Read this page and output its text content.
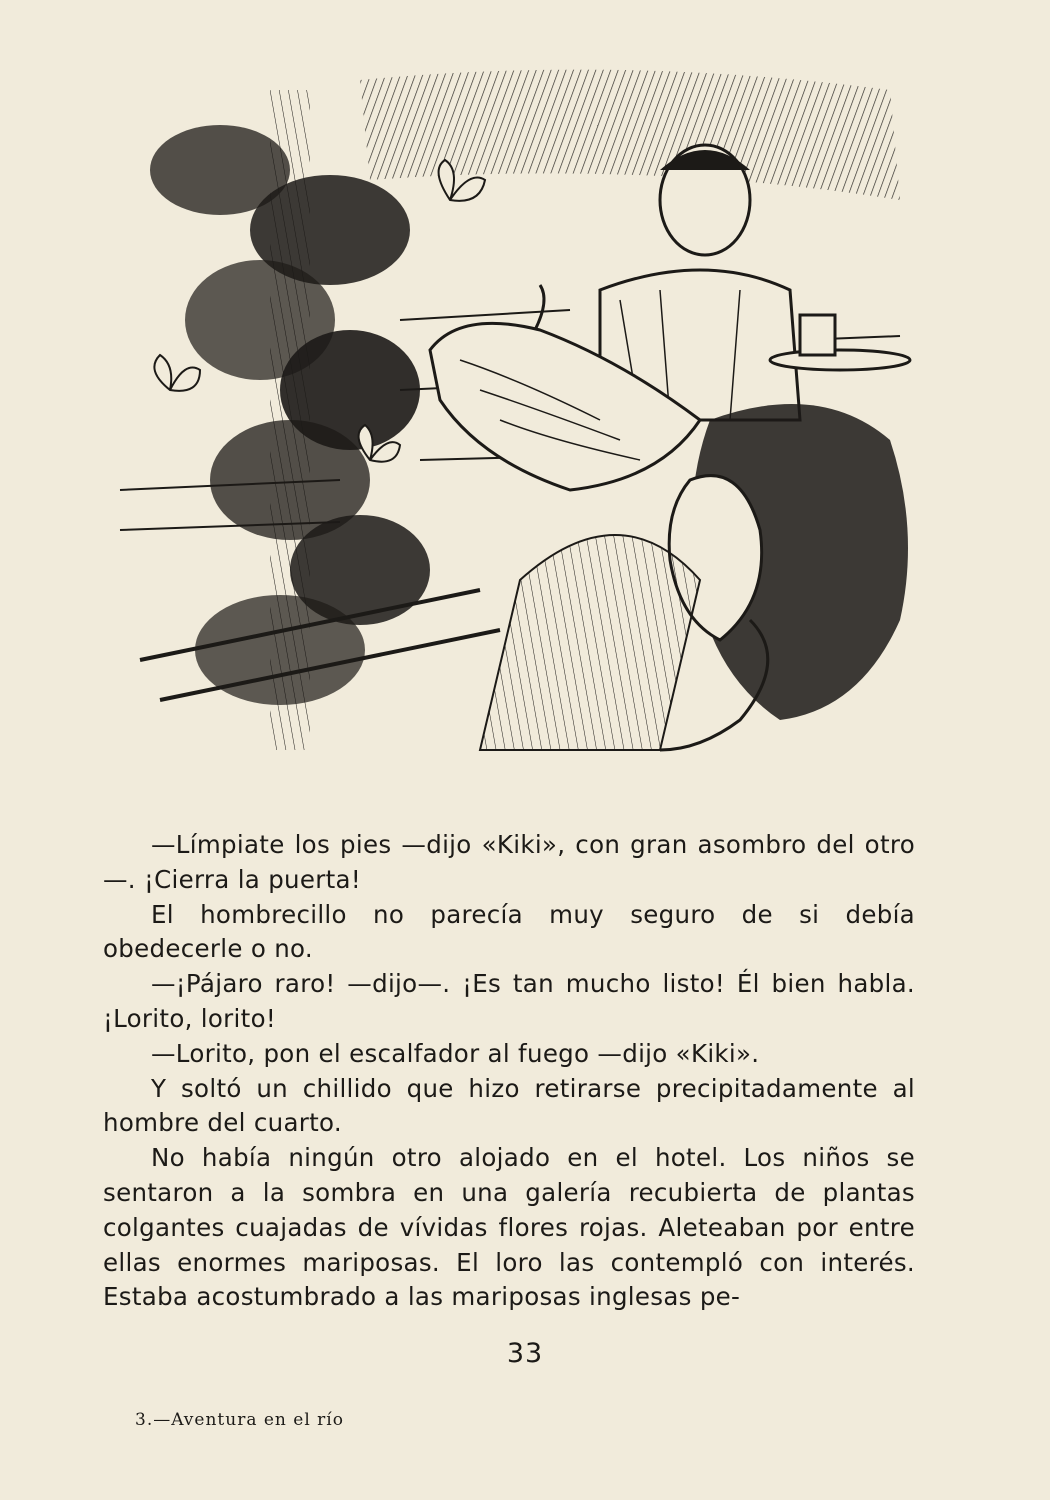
—Límpiate los pies —dijo «Kiki», con gran asombro del otro—. ¡Cierra la puerta!

El hombrecillo no parecía muy seguro de si debía obedecerle o no.

—¡Pájaro raro! —dijo—. ¡Es tan mucho listo! Él bien habla. ¡Lorito, lorito!

—Lorito, pon el escalfador al fuego —dijo «Kiki».

Y soltó un chillido que hizo retirarse precipitadamente al hombre del cuarto.

No había ningún otro alojado en el hotel. Los niños se sentaron a la sombra en una galería recubierta de plantas colgantes cuajadas de vívidas flores rojas. Aleteaban por entre ellas enormes mariposas. El loro las contempló con interés. Estaba acostumbrado a las mariposas inglesas pe-

33
3.—Aventura en el río
